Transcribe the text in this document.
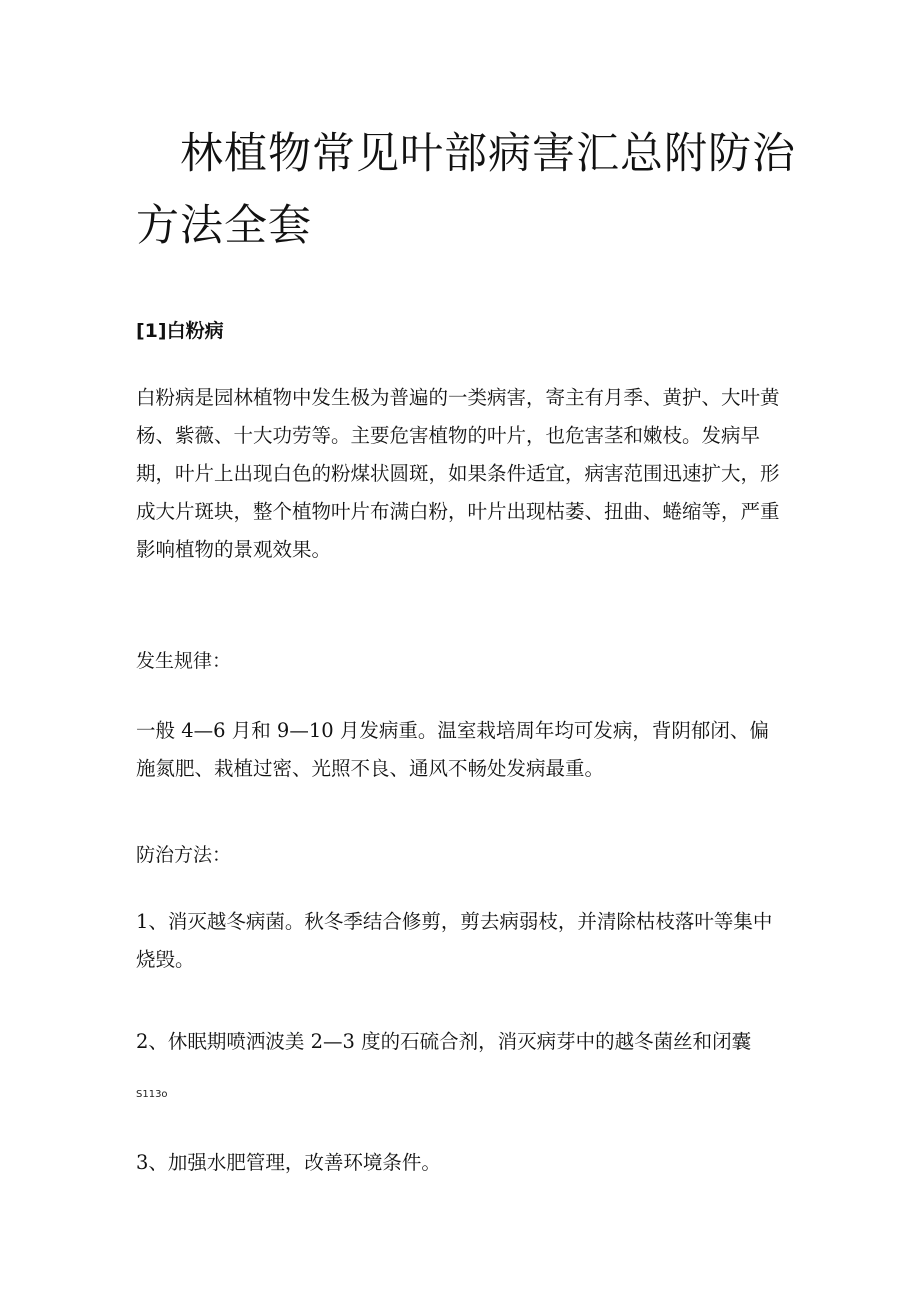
林植物常见叶部病害汇总附防治方法全套

[1]白粉病

白粉病是园林植物中发生极为普遍的一类病害，寄主有月季、黄护、大叶黄杨、紫薇、十大功劳等。主要危害植物的叶片，也危害茎和嫩枝。发病早期，叶片上出现白色的粉煤状圆斑，如果条件适宜，病害范围迅速扩大，形成大片斑块，整个植物叶片布满白粉，叶片出现枯萎、扭曲、蜷缩等，严重影响植物的景观效果。

发生规律：

一般 4—6 月和 9—10 月发病重。温室栽培周年均可发病，背阴郁闭、偏施氮肥、栽植过密、光照不良、通风不畅处发病最重。

防治方法：

1、消灭越冬病菌。秋冬季结合修剪，剪去病弱枝，并清除枯枝落叶等集中烧毁。

2、休眠期喷洒波美 2—3 度的石硫合剂，消灭病芽中的越冬菌丝和闭囊

S113o

3、加强水肥管理，改善环境条件。
